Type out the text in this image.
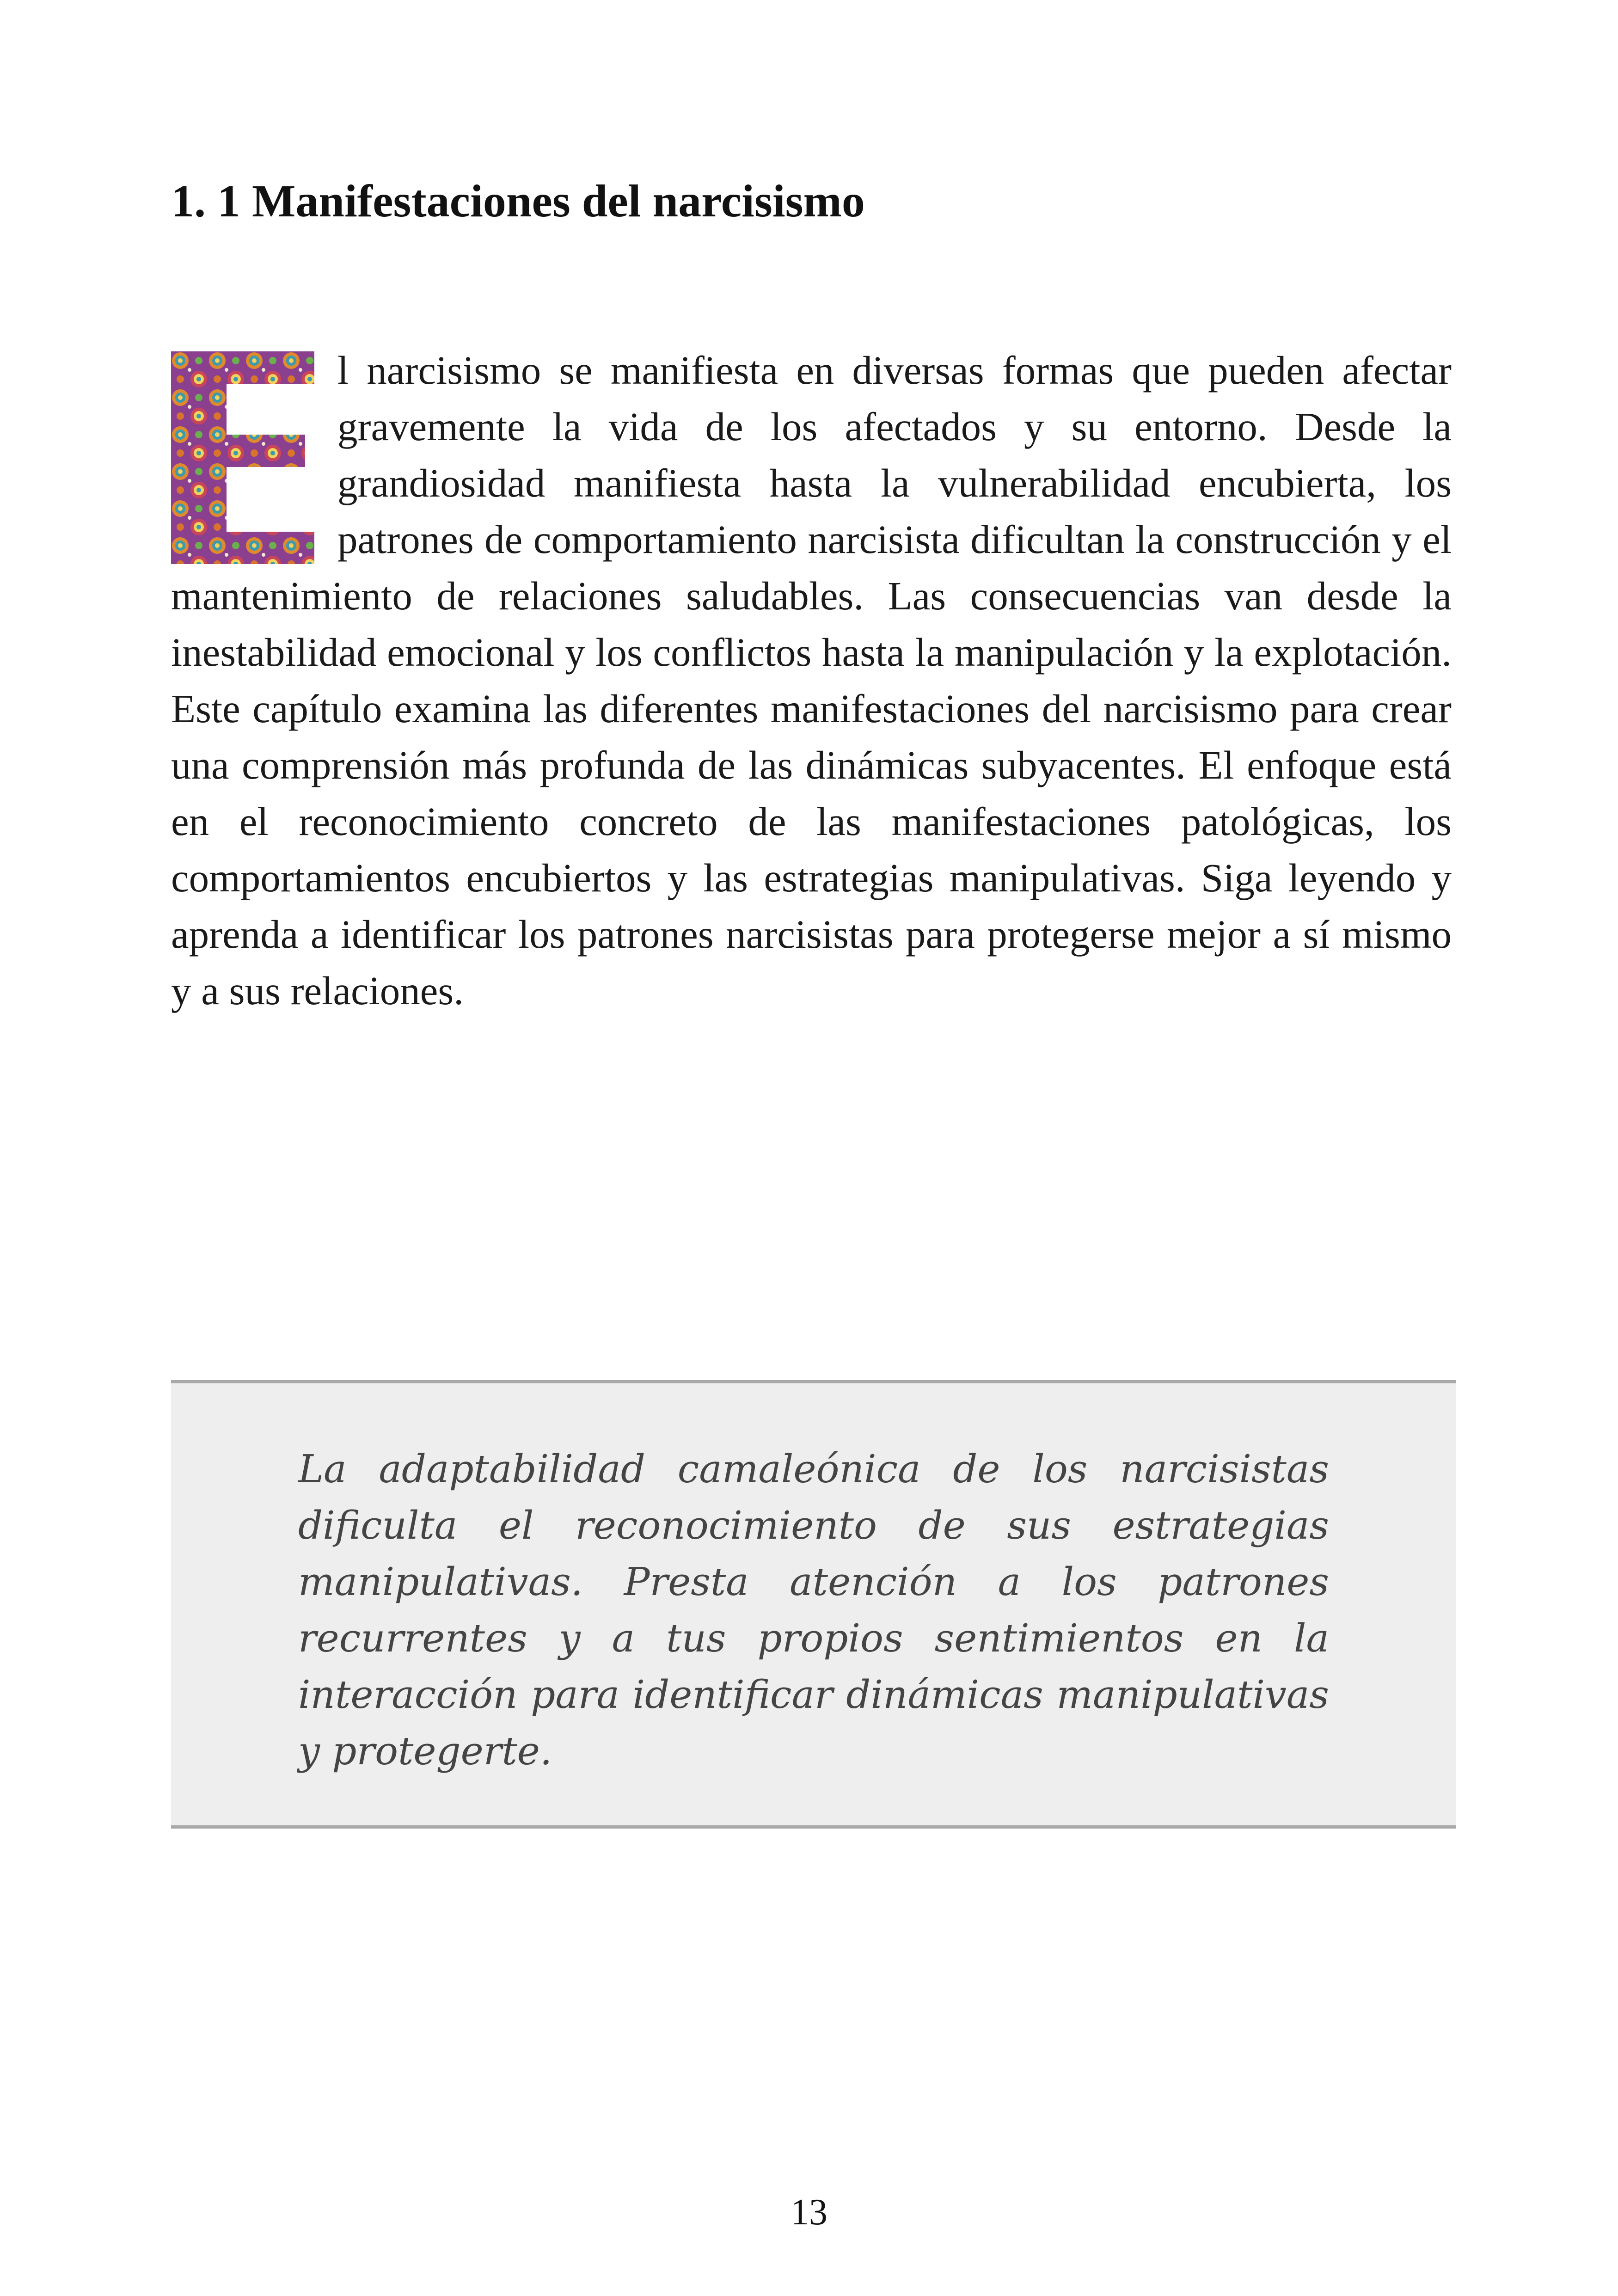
1. 1 Manifestaciones del narcisismo
l narcisismo se manifiesta en diversas formas que pueden afectar gravemente la vida de los afectados y su entorno. Desde la grandiosidad manifiesta hasta la vulnerabilidad encubierta, los patrones de comportamiento narcisista dificultan la construcción y el mantenimiento de relaciones saludables. Las consecuencias van desde la inestabilidad emocional y los conflictos hasta la manipulación y la explotación. Este capítulo examina las diferentes manifestaciones del narcisismo para crear una comprensión más profunda de las dinámicas subyacentes. El enfoque está en el reconocimiento concreto de las manifestaciones patológicas, los comportamientos encubiertos y las estrategias manipulativas. Siga leyendo y aprenda a identificar los patrones narcisistas para protegerse mejor a sí mismo y a sus relaciones.

La adaptabilidad camaleónica de los narcisistas dificulta el reconocimiento de sus estrategias manipulativas. Presta atención a los patrones recurrentes y a tus propios sentimientos en la interacción para identificar dinámicas manipulativas y protegerte.

13
